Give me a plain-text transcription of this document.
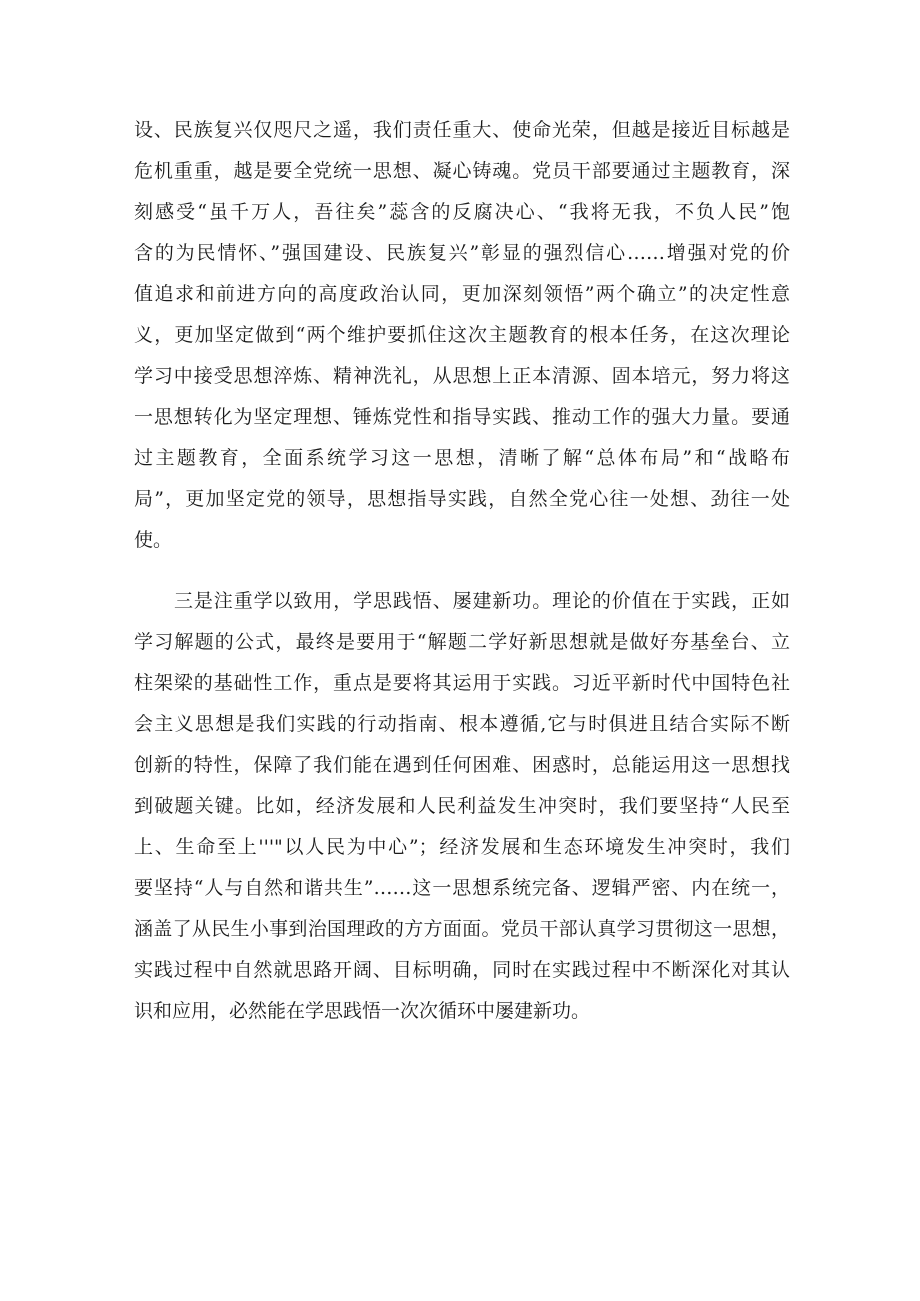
设、民族复兴仅咫尺之遥，我们责任重大、使命光荣，但越是接近目标越是
危机重重，越是要全党统一思想、凝心铸魂。党员干部要通过主题教育，深
刻感受“虽千万人，吾往矣”蕊含的反腐决心、“我将无我，不负人民”饱
含的为民情怀、”强国建设、民族复兴”彰显的强烈信心……增强对党的价
值追求和前进方向的高度政治认同，更加深刻领悟”两个确立”的决定性意
义，更加坚定做到“两个维护要抓住这次主题教育的根本任务，在这次理论
学习中接受思想淬炼、精神洗礼，从思想上正本清源、固本培元，努力将这
一思想转化为坚定理想、锤炼党性和指导实践、推动工作的强大力量。要通
过主题教育，全面系统学习这一思想，清晰了解“总体布局”和“战略布
局”，更加坚定党的领导，思想指导实践，自然全党心往一处想、劲往一处
使。
三是注重学以致用，学思践悟、屡建新功。理论的价值在于实践，正如
学习解题的公式，最终是要用于“解题二学好新思想就是做好夯基垒台、立
柱架梁的基础性工作，重点是要将其运用于实践。习近平新时代中国特色社
会主义思想是我们实践的行动指南、根本遵循,它与时俱进且结合实际不断
创新的特性，保障了我们能在遇到任何困难、困惑时，总能运用这一思想找
到破题关键。比如，经济发展和人民利益发生冲突时，我们要坚持“人民至
上、生命至上'''"以人民为中心”；经济发展和生态环境发生冲突时，我们
要坚持“人与自然和谐共生”……这一思想系统完备、逻辑严密、内在统一，
涵盖了从民生小事到治国理政的方方面面。党员干部认真学习贯彻这一思想，
实践过程中自然就思路开阔、目标明确，同时在实践过程中不断深化对其认
识和应用，必然能在学思践悟一次次循环中屡建新功。
